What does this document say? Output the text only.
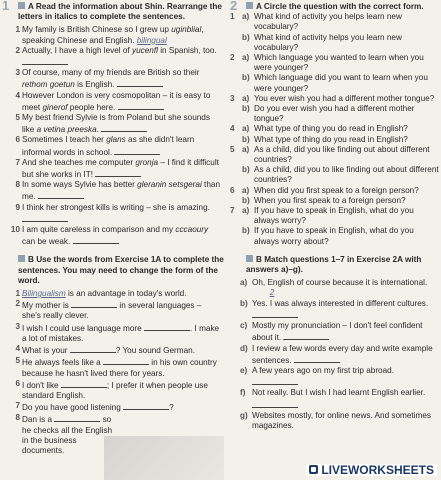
1 A Read the information about Shin. Rearrange the letters in italics to complete the sentences.
1 My family is British Chinese so I grew up uginblial, speaking Chinese and English. bilingual
2 Actually, I have a high level of yucenfl in Spanish, too.
3 Of course, many of my friends are British so their rethom goetun is English.
4 However London is very cosmopolitan – it is easy to meet ginerof people here.
5 My best friend Sylvie is from Poland but she sounds like a vetina preeska.
6 Sometimes I teach her glans as she didn't learn informal words in school.
7 And she teaches me computer gronja – I find it difficult but she works in IT!
8 In some ways Sylvie has better gleranin setsgerai than me.
9 I think her strongest kills is writing – she is amazing.
10 I am quite careless in comparison and my cccaoury can be weak.
B Use the words from Exercise 1A to complete the sentences. You may need to change the form of the word.
1 Bilingualism is an advantage in today's world.
2 My mother is	in several languages – she's really clever.
3 I wish I could use language more	. I make a lot of mistakes.
4 What is your	? You sound German.
5 He always feels like a	in his own country because he hasn't lived there for years.
6 I don't like	; I prefer it when people use standard English.
7 Do you have good listening	?
8 Dan is a	so he checks all the English in the business documents.
2 A Circle the question with the correct form.
1 a) What kind of activity you helps learn new vocabulary?
b) What kind of activity helps you learn new vocabulary?
2 a) Which language you wanted to learn when you were younger?
b) Which language did you want to learn when you were younger?
3 a) You ever wish you had a different mother tongue?
b) Do you ever wish you had a different mother tongue?
4 a) What type of thing you do read in English?
b) What type of thing do you read in English?
5 a) As a child, did you like finding out about different countries?
b) As a child, did you to like finding out about different countries?
6 a) When did you first speak to a foreign person?
b) When you first speak to a foreign person?
7 a) If you have to speak in English, what do you always worry?
b) If you have to speak in English, what do you always worry about?
B Match questions 1–7 in Exercise 2A with answers a)–g).
a) Oh, English of course because it is international. 2
b) Yes. I was always interested in different cultures.
c) Mostly my pronunciation – I don't feel confident about it.
d) I review a few words every day and write example sentences.
e) A few years ago on my first trip abroad.
f) Not really. But I wish I had learnt English earlier.
g) Websites mostly, for online news. And sometimes magazines.
LIVEWORKSHEETS
